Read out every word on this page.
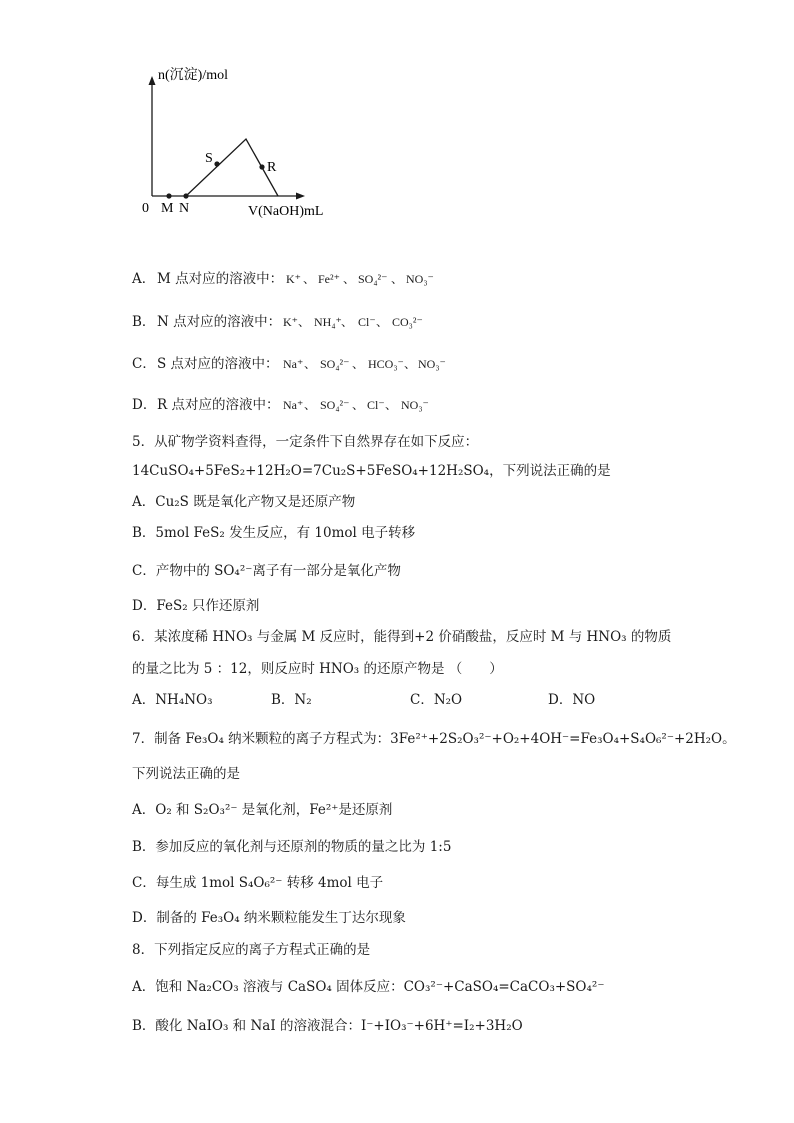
n(沉淀)/mol
0 M N
S
R
V(NaOH)mL
A． M 点对应的溶液中： K⁺ 、 Fe²⁺ 、 SO₄²⁻ 、 NO₃⁻
B． N 点对应的溶液中： K⁺ 、 NH₄⁺ 、 Cl⁻ 、 CO₃²⁻
C． S 点对应的溶液中： Na⁺ 、 SO₄²⁻ 、 HCO₃⁻ 、 NO₃⁻
D． R 点对应的溶液中： Na⁺ 、 SO₄²⁻ 、 Cl⁻ 、 NO₃⁻
5．从矿物学资料查得，一定条件下自然界存在如下反应：
14CuSO₄+5FeS₂+12H₂O=7Cu₂S+5FeSO₄+12H₂SO₄，下列说法正确的是
A．Cu₂S 既是氧化产物又是还原产物
B．5mol FeS₂ 发生反应，有 10mol 电子转移
C．产物中的 SO₄²⁻离子有一部分是氧化产物
D．FeS₂ 只作还原剂
6．某浓度稀 HNO₃ 与金属 M 反应时，能得到+2 价硝酸盐，反应时 M 与 HNO₃ 的物质
的量之比为 5 ：12，则反应时 HNO₃ 的还原产物是 （　　）
A．NH₄NO₃	B．N₂	C．N₂O	D．NO
7．制备 Fe₃O₄ 纳米颗粒的离子方程式为：3Fe²⁺+2S₂O₃²⁻+O₂+4OH⁻=Fe₃O₄+S₄O₆²⁻+2H₂O。
下列说法正确的是
A．O₂ 和 S₂O₃²⁻ 是氧化剂，Fe²⁺是还原剂
B．参加反应的氧化剂与还原剂的物质的量之比为 1:5
C．每生成 1mol S₄O₆²⁻ 转移 4mol 电子
D．制备的 Fe₃O₄ 纳米颗粒能发生丁达尔现象
8．下列指定反应的离子方程式正确的是
A．饱和 Na₂CO₃ 溶液与 CaSO₄ 固体反应：CO₃²⁻+CaSO₄=CaCO₃+SO₄²⁻
B．酸化 NaIO₃ 和 NaI 的溶液混合：I⁻+IO₃⁻+6H⁺=I₂+3H₂O
